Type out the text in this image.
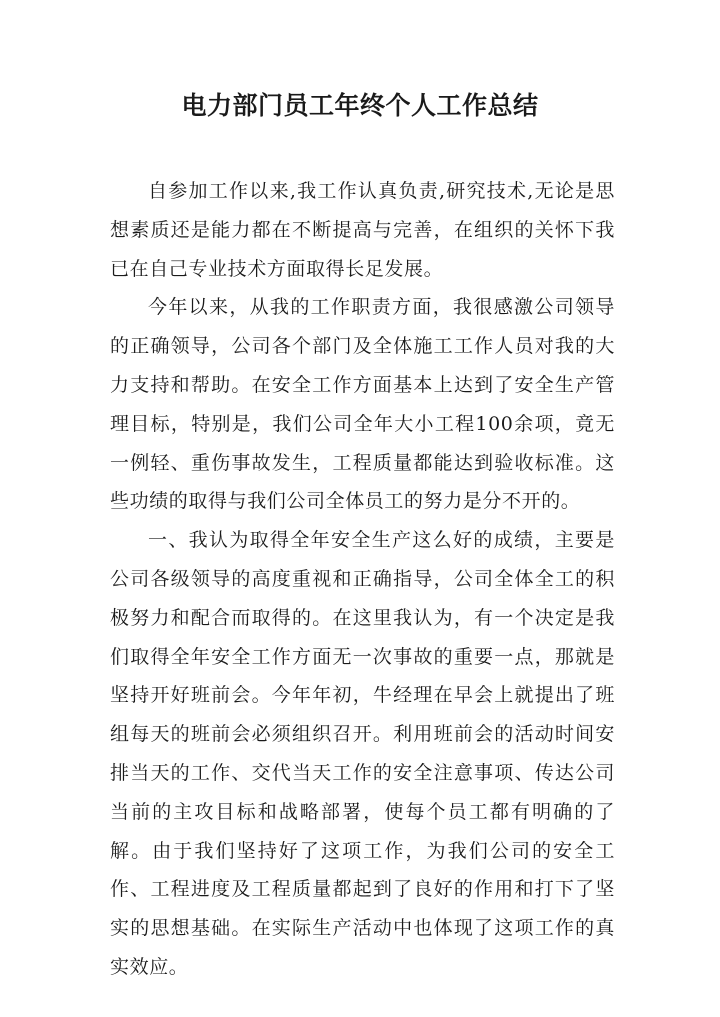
电力部门员工年终个人工作总结

自参加工作以来,我工作认真负责,研究技术,无论是思想素质还是能力都在不断提高与完善，在组织的关怀下我已在自己专业技术方面取得长足发展。

今年以来，从我的工作职责方面，我很感激公司领导的正确领导，公司各个部门及全体施工工作人员对我的大力支持和帮助。在安全工作方面基本上达到了安全生产管理目标，特别是，我们公司全年大小工程100余项，竟无一例轻、重伤事故发生，工程质量都能达到验收标准。这些功绩的取得与我们公司全体员工的努力是分不开的。

一、我认为取得全年安全生产这么好的成绩，主要是公司各级领导的高度重视和正确指导，公司全体全工的积极努力和配合而取得的。在这里我认为，有一个决定是我们取得全年安全工作方面无一次事故的重要一点，那就是坚持开好班前会。今年年初，牛经理在早会上就提出了班组每天的班前会必须组织召开。利用班前会的活动时间安排当天的工作、交代当天工作的安全注意事项、传达公司当前的主攻目标和战略部署，使每个员工都有明确的了解。由于我们坚持好了这项工作，为我们公司的安全工作、工程进度及工程质量都起到了良好的作用和打下了坚实的思想基础。在实际生产活动中也体现了这项工作的真实效应。
